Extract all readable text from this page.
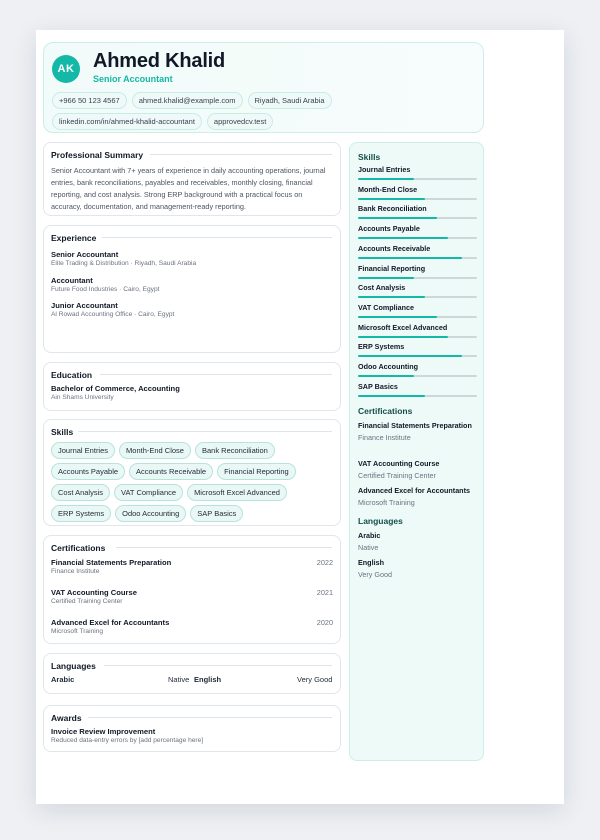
AK Ahmed Khalid
Senior Accountant
+966 50 123 4567	ahmed.khalid@example.com	Riyadh, Saudi Arabia
linkedin.com/in/ahmed-khalid-accountant	approvedcv.test
Professional Summary
Senior Accountant with 7+ years of experience in daily accounting operations, journal entries, bank reconciliations, payables and receivables, monthly closing, financial reporting, and cost analysis. Strong ERP background with a practical focus on accuracy, documentation, and management-ready reporting.
Experience
Senior Accountant
Elite Trading & Distribution · Riyadh, Saudi Arabia
Accountant
Future Food Industries · Cairo, Egypt
Junior Accountant
Al Rowad Accounting Office · Cairo, Egypt
Education
Bachelor of Commerce, Accounting
Ain Shams University
Skills
Journal Entries	Month-End Close	Bank Reconciliation
Accounts Payable	Accounts Receivable	Financial Reporting
Cost Analysis	VAT Compliance	Microsoft Excel Advanced
ERP Systems	Odoo Accounting	SAP Basics
Certifications
Financial Statements Preparation
Finance Institute
2022
VAT Accounting Course
Certified Training Center
2021
Advanced Excel for Accountants
Microsoft Training
2020
Languages
Arabic	Native English	Very Good
Awards
Invoice Review Improvement
Reduced data-entry errors by [add percentage here]
Skills
Journal Entries
Month-End Close
Bank Reconciliation
Accounts Payable
Accounts Receivable
Financial Reporting
Cost Analysis
VAT Compliance
Microsoft Excel Advanced
ERP Systems
Odoo Accounting
SAP Basics
Certifications
Financial Statements Preparation
Finance Institute
VAT Accounting Course
Certified Training Center
Advanced Excel for Accountants
Microsoft Training
Languages
Arabic
Native
English
Very Good
